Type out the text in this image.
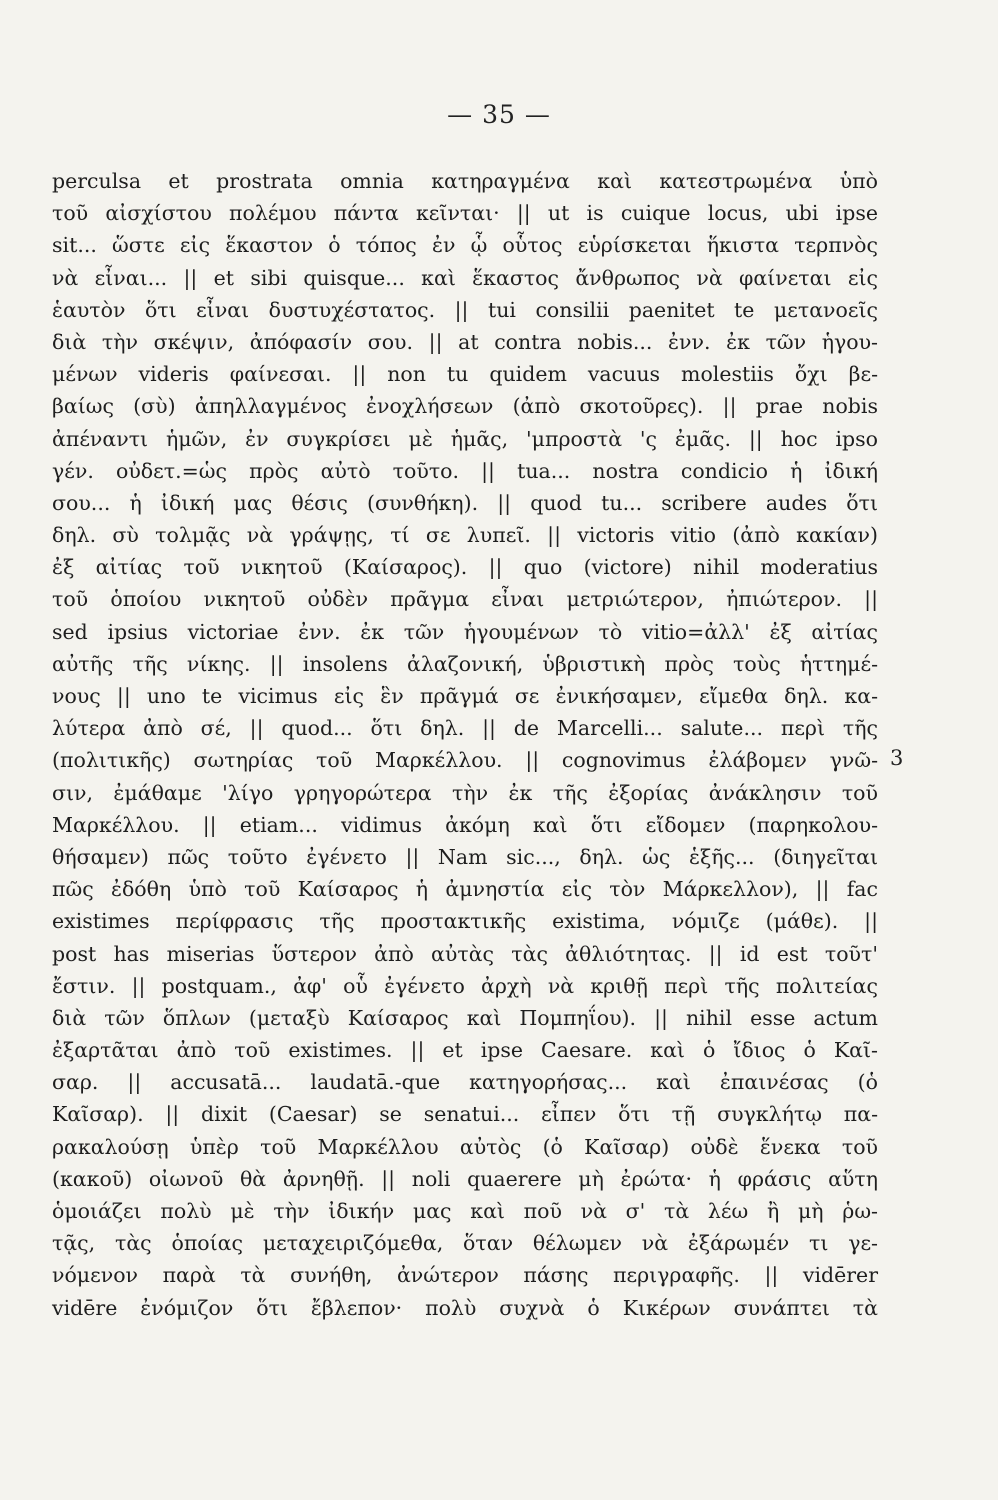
— 35 —
perculsa et prostrata omnia κατηραγμένα καὶ κατεστρωμένα ὑπὸ
τοῦ αἰσχίστου πολέμου πάντα κεῖνται· || ut is cuique locus, ubi ipse
sit... ὥστε εἰς ἕκαστον ὁ τόπος ἐν ᾧ οὗτος εὑρίσκεται ἥκιστα τερπνὸς
νὰ εἶναι... || et sibi quisque... καὶ ἕκαστος ἄνθρωπος νὰ φαίνεται εἰς
ἑαυτὸν ὅτι εἶναι δυστυχέστατος. || tui consilii paenitet te μετανοεῖς
διὰ τὴν σκέψιν, ἀπόφασίν σου. || at contra nobis... ἐνν. ἐκ τῶν ἡγου-
μένων videris φαίνεσαι. || non tu quidem vacuus molestiis ὄχι βε-
βαίως (σὺ) ἀπηλλαγμένος ἐνοχλήσεων (ἀπὸ σκοτοῦρες). || prae nobis
ἀπέναντι ἡμῶν, ἐν συγκρίσει μὲ ἡμᾶς, 'μπροστὰ 'ς ἐμᾶς. || hoc ipso
γέν. οὐδετ.=ὡς πρὸς αὐτὸ τοῦτο. || tua... nostra condicio ἡ ἰδική
σου... ἡ ἰδική μας θέσις (συνθήκη). || quod tu... scribere audes ὅτι
δηλ. σὺ τολμᾷς νὰ γράψῃς, τί σε λυπεῖ. || victoris vitio (ἀπὸ κακίαν)
ἐξ αἰτίας τοῦ νικητοῦ (Καίσαρος). || quo (victore) nihil moderatius
τοῦ ὁποίου νικητοῦ οὐδὲν πρᾶγμα εἶναι μετριώτερον, ἠπιώτερον. ||
sed ipsius victoriae ἐνν. ἐκ τῶν ἡγουμένων τὸ vitio=ἀλλ' ἐξ αἰτίας
αὐτῆς τῆς νίκης. || insolens ἀλαζονική, ὑβριστικὴ πρὸς τοὺς ἡττημέ-
νους || uno te vicimus εἰς ἓν πρᾶγμά σε ἐνικήσαμεν, εἴμεθα δηλ. κα-
λύτερα ἀπὸ σέ, || quod... ὅτι δηλ. || de Marcelli... salute... περὶ τῆς
(πολιτικῆς) σωτηρίας τοῦ Μαρκέλλου. || cognovimus ἐλάβομεν γνῶ-
σιν, ἐμάθαμε 'λίγο γρηγορώτερα τὴν ἐκ τῆς ἐξορίας ἀνάκλησιν τοῦ
Μαρκέλλου. || etiam... vidimus ἀκόμη καὶ ὅτι εἴδομεν (παρηκολου-
θήσαμεν) πῶς τοῦτο ἐγένετο || Nam sic..., δηλ. ὡς ἑξῆς... (διηγεῖται
πῶς ἐδόθη ὑπὸ τοῦ Καίσαρος ἡ ἀμνηστία εἰς τὸν Μάρκελλον), || fac
existimes περίφρασις τῆς προστακτικῆς existima, νόμιζε (μάθε). ||
post has miserias ὕστερον ἀπὸ αὐτὰς τὰς ἀθλιότητας. || id est τοῦτ'
ἔστιν. || postquam., ἀφ' οὗ ἐγένετο ἀρχὴ νὰ κριθῇ περὶ τῆς πολιτείας
διὰ τῶν ὅπλων (μεταξὺ Καίσαρος καὶ Πομπηΐου). || nihil esse actum
ἐξαρτᾶται ἀπὸ τοῦ existimes. || et ipse Caesare. καὶ ὁ ἴδιος ὁ Καῖ-
σαρ. || accusatā... laudatā.-que κατηγορήσας... καὶ ἐπαινέσας (ὁ
Καῖσαρ). || dixit (Caesar) se senatui... εἶπεν ὅτι τῇ συγκλήτῳ πα-
ρακαλούσῃ ὑπὲρ τοῦ Μαρκέλλου αὐτὸς (ὁ Καῖσαρ) οὐδὲ ἕνεκα τοῦ
(κακοῦ) οἰωνοῦ θὰ ἀρνηθῇ. || noli quaerere μὴ ἐρώτα· ἡ φράσις αὕτη
ὁμοιάζει πολὺ μὲ τὴν ἰδικήν μας καὶ ποῦ νὰ σ' τὰ λέω ἢ μὴ ῥω-
τᾷς, τὰς ὁποίας μεταχειριζόμεθα, ὅταν θέλωμεν νὰ ἐξάρωμέν τι γε-
νόμενον παρὰ τὰ συνήθη, ἀνώτερον πάσης περιγραφῆς. || vidērer
vidēre ἐνόμιζον ὅτι ἔβλεπον· πολὺ συχνὰ ὁ Κικέρων συνάπτει τὰ
3
